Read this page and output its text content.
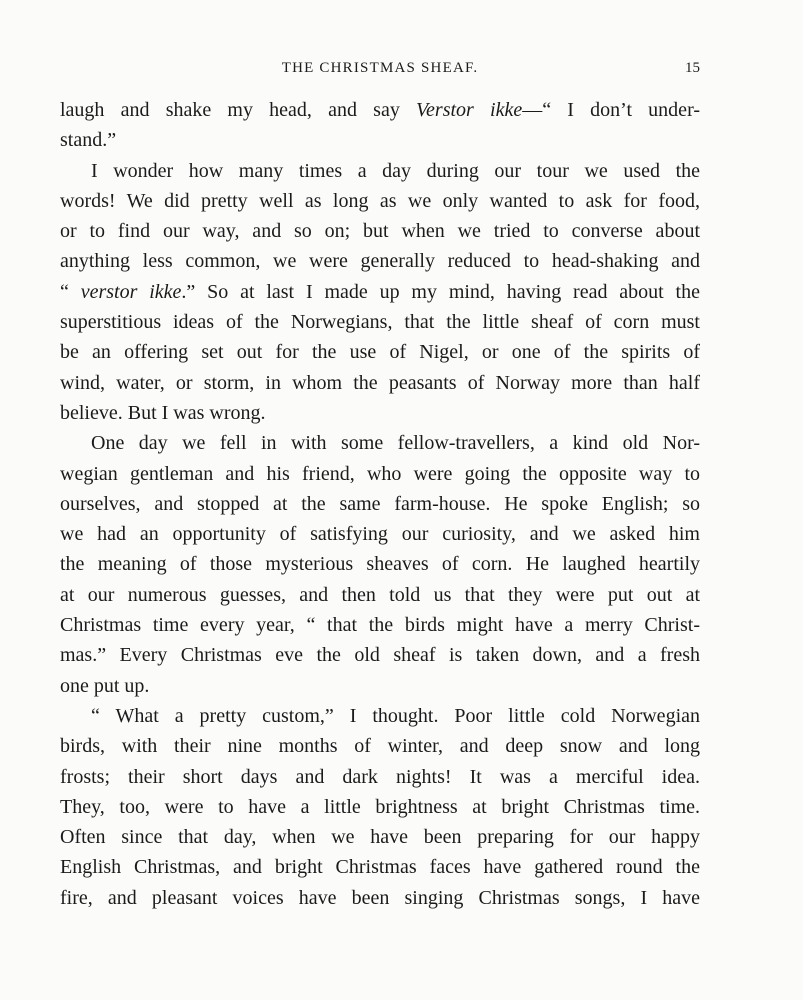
THE CHRISTMAS SHEAF.	15
laugh and shake my head, and say Verstor ikke—“ I don’t under-
stand.”
I wonder how many times a day during our tour we used the
words! We did pretty well as long as we only wanted to ask for food,
or to find our way, and so on; but when we tried to converse about
anything less common, we were generally reduced to head-shaking and
“ verstor ikke.” So at last I made up my mind, having read about the
superstitious ideas of the Norwegians, that the little sheaf of corn must
be an offering set out for the use of Nigel, or one of the spirits of
wind, water, or storm, in whom the peasants of Norway more than half
believe. But I was wrong.
One day we fell in with some fellow-travellers, a kind old Nor-
wegian gentleman and his friend, who were going the opposite way to
ourselves, and stopped at the same farm-house. He spoke English; so
we had an opportunity of satisfying our curiosity, and we asked him
the meaning of those mysterious sheaves of corn. He laughed heartily
at our numerous guesses, and then told us that they were put out at
Christmas time every year, “ that the birds might have a merry Christ-
mas.” Every Christmas eve the old sheaf is taken down, and a fresh
one put up.
“ What a pretty custom,” I thought. Poor little cold Norwegian
birds, with their nine months of winter, and deep snow and long
frosts; their short days and dark nights! It was a merciful idea.
They, too, were to have a little brightness at bright Christmas time.
Often since that day, when we have been preparing for our happy
English Christmas, and bright Christmas faces have gathered round the
fire, and pleasant voices have been singing Christmas songs, I have
